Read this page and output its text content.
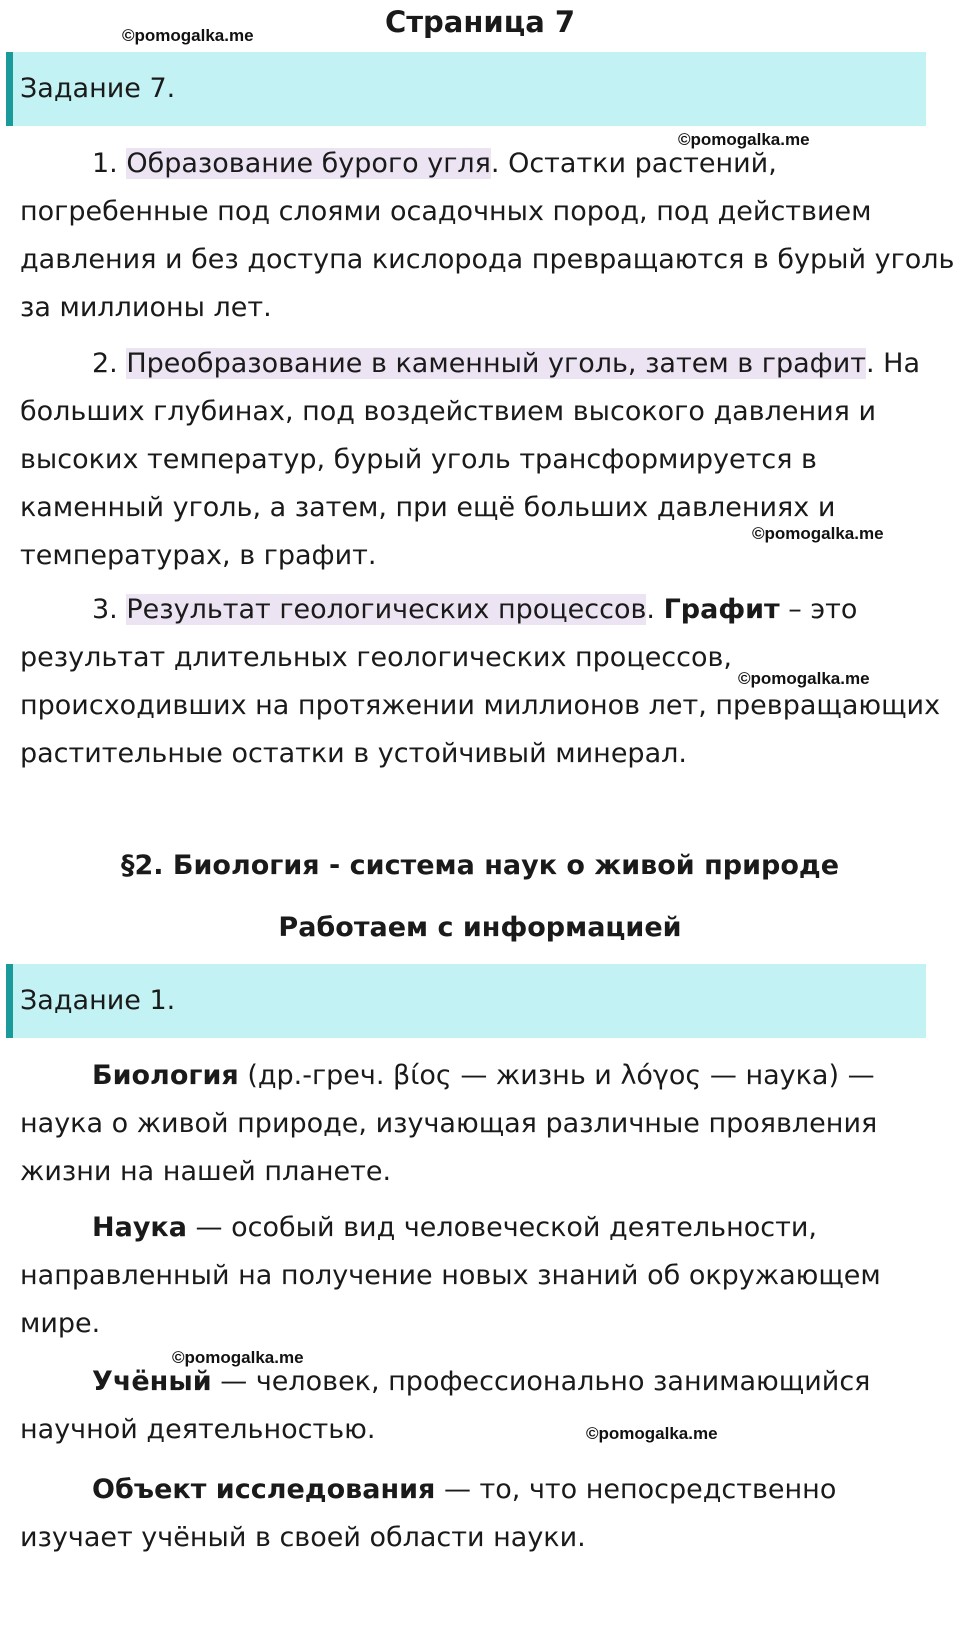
Страница 7
©pomogalka.me
©pomogalka.me
©pomogalka.me
©pomogalka.me
©pomogalka.me
©pomogalka.me
Задание 7.
1. Образование бурого угля. Остатки растений, погребенные под слоями осадочных пород, под действием давления и без доступа кислорода превращаются в бурый уголь за миллионы лет.
2. Преобразование в каменный уголь, затем в графит. На больших глубинах, под воздействием высокого давления и высоких температур, бурый уголь трансформируется в каменный уголь, а затем, при ещё больших давлениях и температурах, в графит.
3. Результат геологических процессов. Графит – это результат длительных геологических процессов, происходивших на протяжении миллионов лет, превращающих растительные остатки в устойчивый минерал.
§2. Биология - система наук о живой природе
Работаем с информацией
Задание 1.
Биология (др.-греч. βίος — жизнь и λόγος — наука) — наука о живой природе, изучающая различные проявления жизни на нашей планете.
Наука — особый вид человеческой деятельности, направленный на получение новых знаний об окружающем мире.
Учёный — человек, профессионально занимающийся научной деятельностью.
Объект исследования — то, что непосредственно изучает учёный в своей области науки.
